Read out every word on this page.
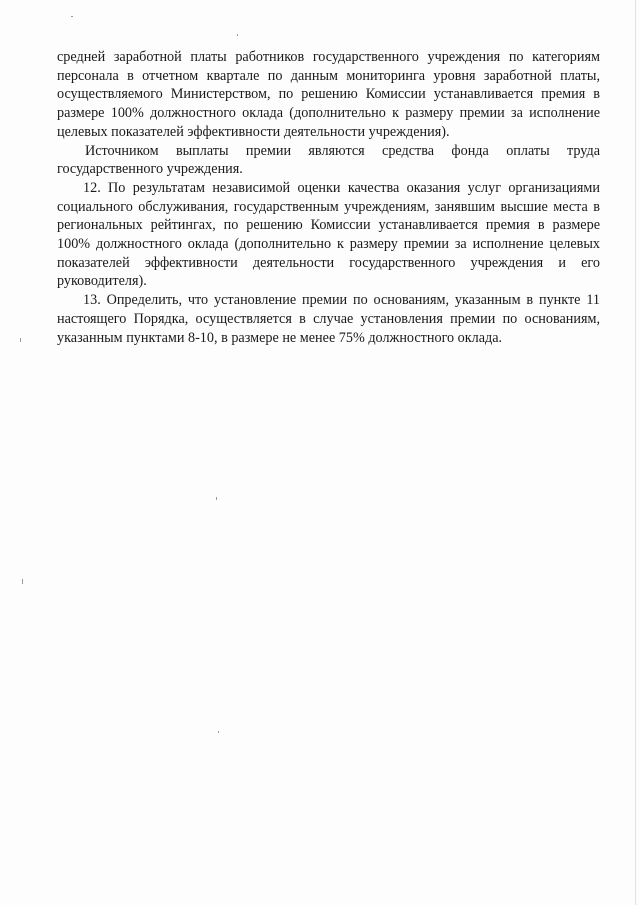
средней заработной платы работников государственного учреждения по категориям персонала в отчетном квартале по данным мониторинга уровня заработной платы, осуществляемого Министерством, по решению Комиссии устанавливается премия в размере 100% должностного оклада (дополнительно к размеру премии за исполнение целевых показателей эффективности деятельности учреждения).

Источником выплаты премии являются средства фонда оплаты труда государственного учреждения.

12. По результатам независимой оценки качества оказания услуг организациями социального обслуживания, государственным учреждениям, занявшим высшие места в региональных рейтингах, по решению Комиссии устанавливается премия в размере 100% должностного оклада (дополнительно к размеру премии за исполнение целевых показателей эффективности деятельности государственного учреждения и его руководителя).

13. Определить, что установление премии по основаниям, указанным в пункте 11 настоящего Порядка, осуществляется в случае установления премии по основаниям, указанным пунктами 8-10, в размере не менее 75% должностного оклада.
